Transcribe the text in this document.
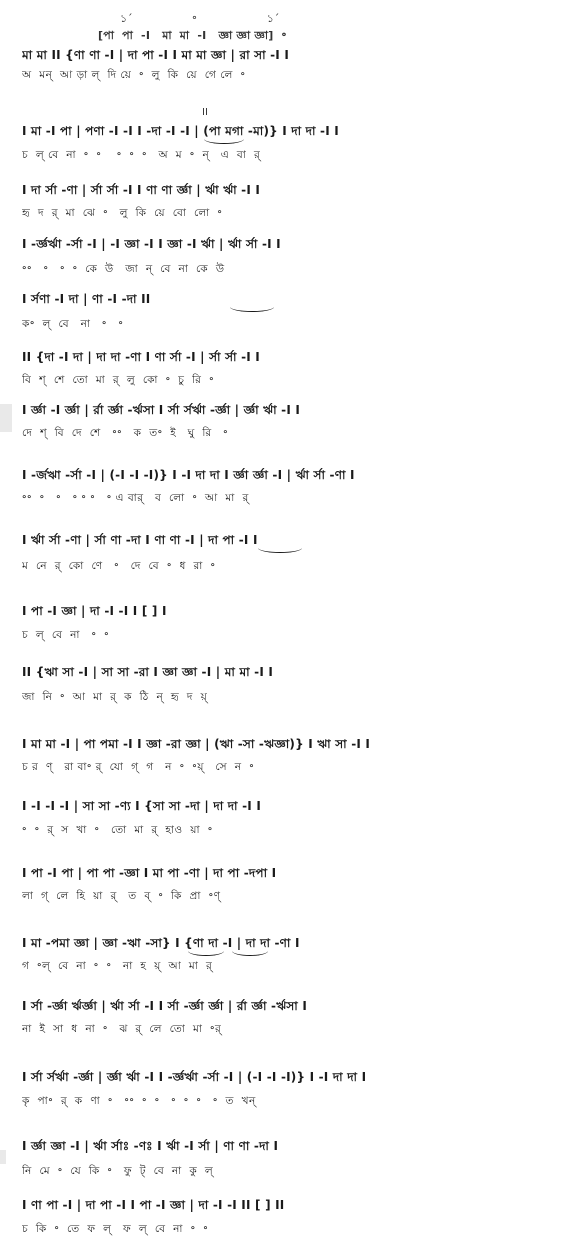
১´                 ॰                    ১´
[পা  পা  -I   মা  মা  -I   জ্ঞা জ্ঞা জ্ঞা]  ॰
মা মা II {ণা ণা -I | দা পা -I I মা মা জ্ঞা | রা সা -I I
অ  মন্  আ ড়া ল্  দি য়ে  ॰  লু  কি  য়ে  গে লে  ॰
I মা -I পা | পণা -I -I I -দা -I -I | (পা মগা -মা)} I দা দা -I I
চ  ল্ বে  না  ॰  ॰    ॰  ॰  ॰   অ  ম  ॰  ন্   এ  বা  র্
I দা র্সা -ণা | র্সা র্সা -I I ণা ণা র্জ্ঞা | র্ঋা র্ঋা -I I
হৃ  দ  র্  মা  ঝে  ॰   লু  কি  য়ে  বো  লো  ॰
I -র্জ্ঞর্ঋা -র্সা -I | -I জ্ঞা -I I জ্ঞা -I র্ঋা | র্ঋা র্সা -I I
॰॰   ॰   ॰  ॰  কে  উ   জা  ন্  বে  না  কে  উ
I র্সণা -I দা | ণা -I -দা II
ক॰  ল্  বে   না   ॰   ॰
II {দা -I দা | দা দা -ণা I ণা র্সা -I | র্সা র্সা -I I
বি  শ্  শে  তো  মা  র্  লু  কো  ॰  চু  রি  ॰
I র্জ্ঞা -I র্জ্ঞা | র্রা র্জ্ঞা -র্ঋসা I র্সা র্সর্ঋা -র্জ্ঞা | র্জ্ঞা র্ঋা -I I
দে  শ্  বি  দে  শে   ॰॰   ক  ত॰  ই   ঘু  রি   ॰
I -র্জঋা -র্সা -I | (-I -I -I)} I -I দা দা I র্জ্ঞা র্জ্ঞা -I | র্ঋা র্সা -ণা I
॰॰  ॰   ॰   ॰ ॰ ॰   ॰ এ বার্   ব  লো  ॰  আ  মা  র্
I র্ঋা র্সা -ণা | র্সা ণা -দা I ণা ণা -I | দা পা -I I
ম  নে  র্  কো  ণে   ॰   দে  বে  ॰  ধ  রা  ॰
I পা -I জ্ঞা | দা -I -I I [ ] I
চ  ল্  বে  না   ॰  ॰
II {ঋা সা -I | সা সা -রা I জ্ঞা জ্ঞা -I | মা মা -I I
জা  নি  ॰  আ  মা  র্  ক  ঠি  ন্  হৃ  দ  য়্
I মা মা -I | পা পমা -I I জ্ঞা -রা জ্ঞা | (ঋা -সা -ঋজ্ঞা)} I ঋা সা -I I
চ র  ণ্   রা বা॰ র্  যো  গ্  গ   ন  ॰  ॰য়্   সে  ন  ॰
I -I -I -I | সা সা -ণ্য I {সা সা -দা | দা দা -I I
॰  ॰  র্  স  খা  ॰   তো  মা  র্  হাও  য়া  ॰
I পা -I পা | পা পা -জ্ঞা I মা পা -ণা | দা পা -দপা I
লা  গ্  লে  হি  য়া  র্   ত  ব্  ॰  কি  প্রা  ॰ণ্
I মা -পমা জ্ঞা | জ্ঞা -ঋা -সা} I {ণা দা -I | দা দা -ণা I
গ  ॰ল্  বে  না  ॰  ॰   না  হ  য়্  আ  মা  র্
I র্সা -র্জ্ঞা র্ঋর্জ্ঞা | র্ঋা র্সা -I I র্সা -র্জ্ঞা র্জ্ঞা | র্রা র্জ্ঞা -র্ঋসা I
না  ই  সা  ধ  না  ॰   ঝ  র্  লে  তো  মা  ॰র্
I র্সা র্সর্ঋা -র্জ্ঞা | র্জ্ঞা র্ঋা -I I -র্জ্ঞর্ঋা -র্সা -I | (-I -I -I)} I -I দা দা I
কৃ  পা॰  র্  ক  ণা  ॰   ॰॰  ॰  ॰   ॰  ॰  ॰   ॰  ত  খন্
I র্জ্ঞা জ্ঞা -I | র্ঋা র্সাঃ -ণঃ I র্ঋা -I র্সা | ণা ণা -দা I
নি  মে  ॰  যে  কি  ॰   ফু  ট্  বে  না  কু  ল্
I ণা পা -I | দা পা -I I পা -I জ্ঞা | দা -I -I II [ ] II
চ  কি  ॰  তে  ফ  ল্   ফ  ল্  বে  না  ॰  ॰
II
